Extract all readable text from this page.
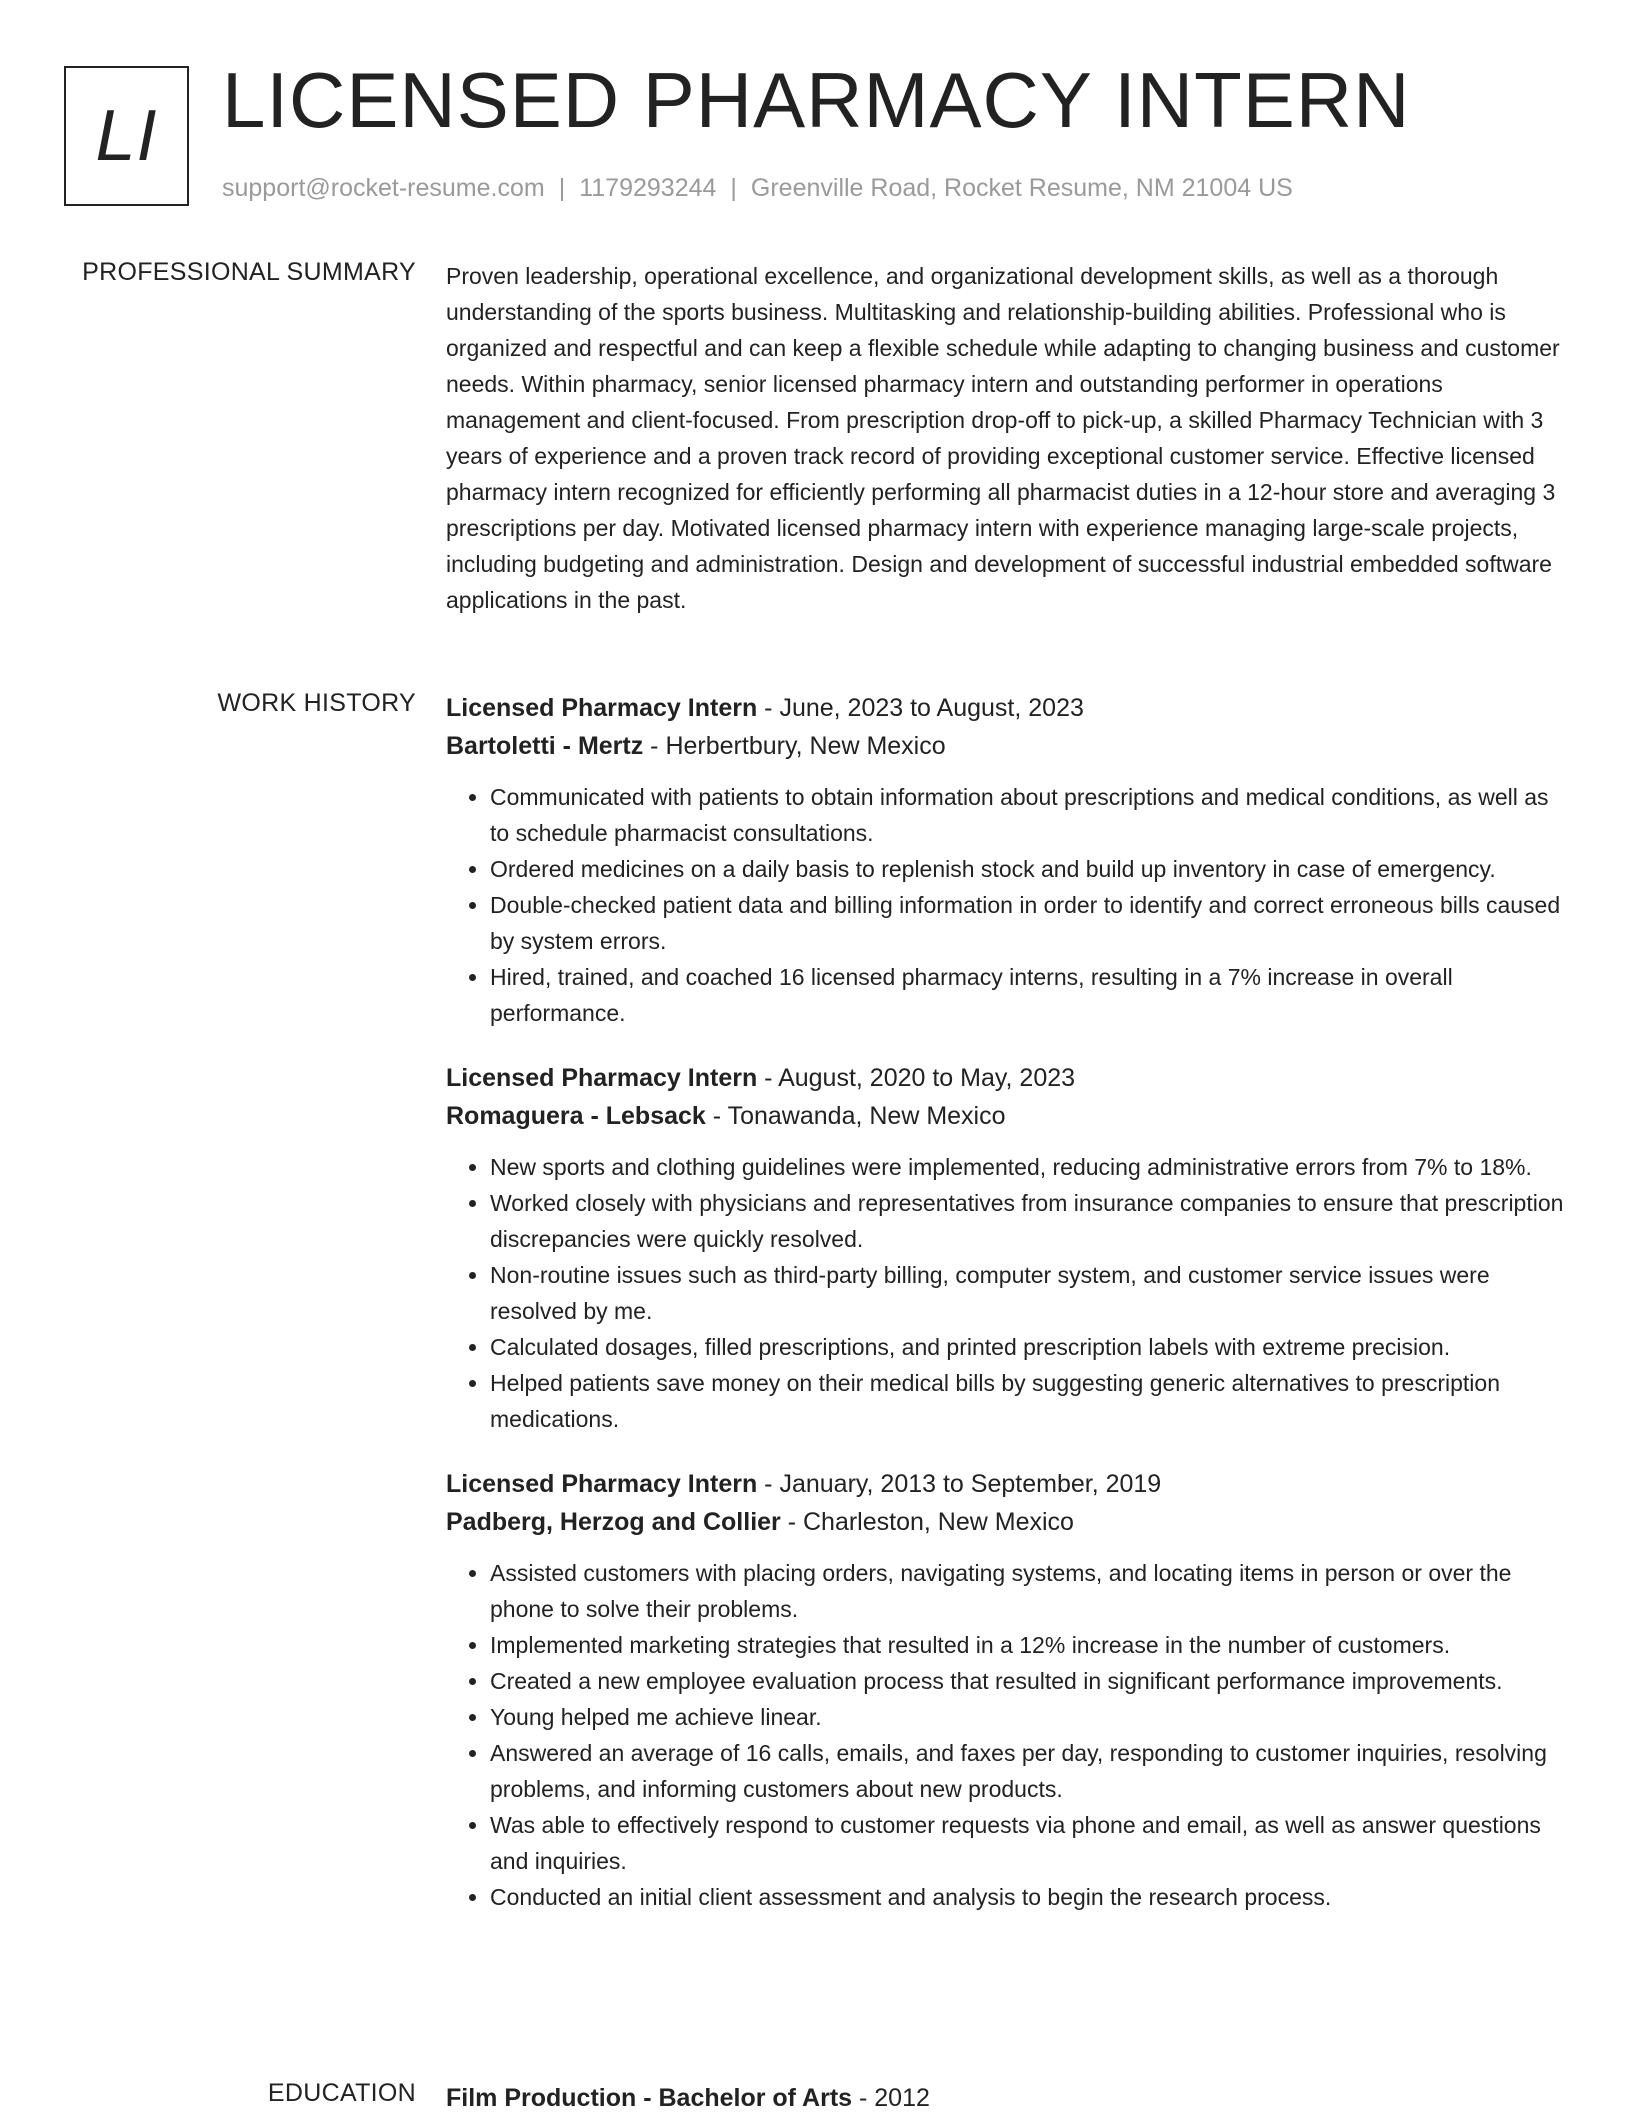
LI LICENSED PHARMACY INTERN
support@rocket-resume.com | 1179293244 | Greenville Road, Rocket Resume, NM 21004 US
PROFESSIONAL SUMMARY Proven leadership, operational excellence, and organizational development skills, as well as a thorough understanding of the sports business. Multitasking and relationship-building abilities. Professional who is organized and respectful and can keep a flexible schedule while adapting to changing business and customer needs. Within pharmacy, senior licensed pharmacy intern and outstanding performer in operations management and client-focused. From prescription drop-off to pick-up, a skilled Pharmacy Technician with 3 years of experience and a proven track record of providing exceptional customer service. Effective licensed pharmacy intern recognized for efficiently performing all pharmacist duties in a 12-hour store and averaging 3 prescriptions per day. Motivated licensed pharmacy intern with experience managing large-scale projects, including budgeting and administration. Design and development of successful industrial embedded software applications in the past.

WORK HISTORY Licensed Pharmacy Intern - June, 2023 to August, 2023
Bartoletti - Mertz - Herbertbury, New Mexico
• Communicated with patients to obtain information about prescriptions and medical conditions, as well as to schedule pharmacist consultations.
• Ordered medicines on a daily basis to replenish stock and build up inventory in case of emergency.
• Double-checked patient data and billing information in order to identify and correct erroneous bills caused by system errors.
• Hired, trained, and coached 16 licensed pharmacy interns, resulting in a 7% increase in overall performance.
Licensed Pharmacy Intern - August, 2020 to May, 2023
Romaguera - Lebsack - Tonawanda, New Mexico
• New sports and clothing guidelines were implemented, reducing administrative errors from 7% to 18%.
• Worked closely with physicians and representatives from insurance companies to ensure that prescription discrepancies were quickly resolved.
• Non-routine issues such as third-party billing, computer system, and customer service issues were resolved by me.
• Calculated dosages, filled prescriptions, and printed prescription labels with extreme precision.
• Helped patients save money on their medical bills by suggesting generic alternatives to prescription medications.
Licensed Pharmacy Intern - January, 2013 to September, 2019
Padberg, Herzog and Collier - Charleston, New Mexico
• Assisted customers with placing orders, navigating systems, and locating items in person or over the phone to solve their problems.
• Implemented marketing strategies that resulted in a 12% increase in the number of customers.
• Created a new employee evaluation process that resulted in significant performance improvements.
• Young helped me achieve linear.
• Answered an average of 16 calls, emails, and faxes per day, responding to customer inquiries, resolving problems, and informing customers about new products.
• Was able to effectively respond to customer requests via phone and email, as well as answer questions and inquiries.
• Conducted an initial client assessment and analysis to begin the research process.
EDUCATION Film Production - Bachelor of Arts - 2012
